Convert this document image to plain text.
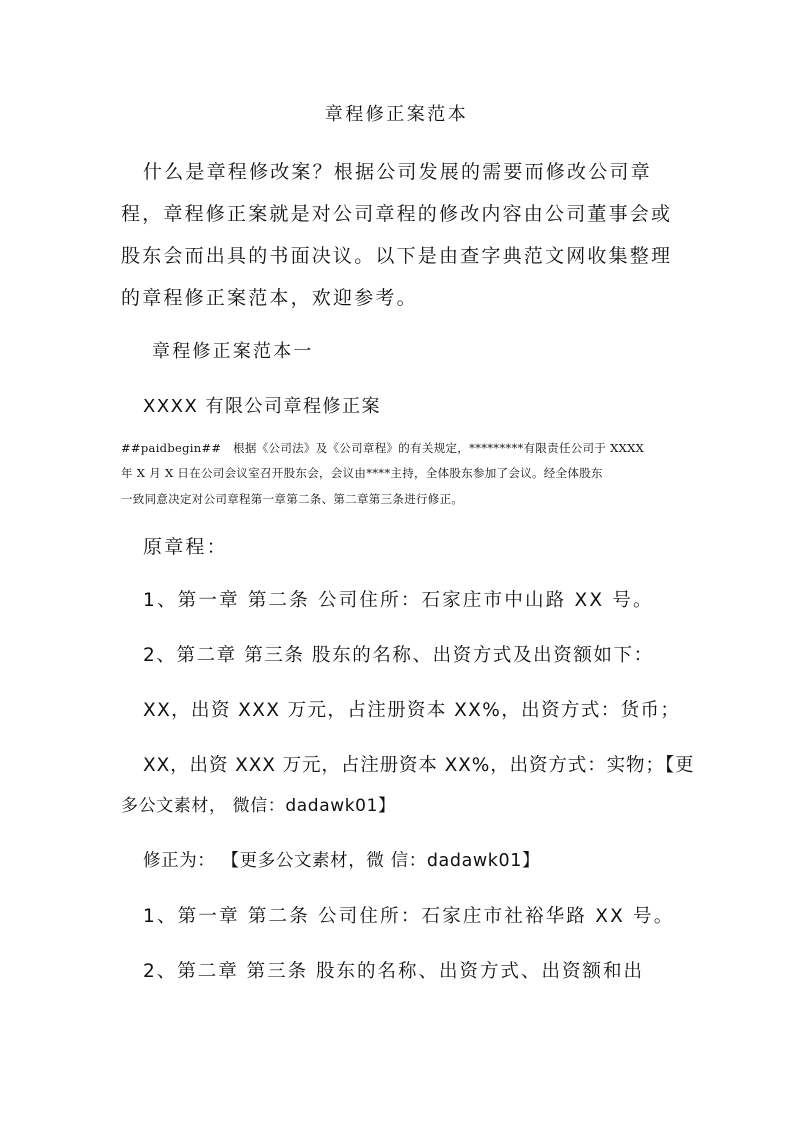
章程修正案范本
什么是章程修改案？根据公司发展的需要而修改公司章
程，章程修正案就是对公司章程的修改内容由公司董事会或
股东会而出具的书面决议。以下是由查字典范文网收集整理
的章程修正案范本，欢迎参考。
章程修正案范本一
XXXX 有限公司章程修正案
##paidbegin##　根据《公司法》及《公司章程》的有关规定，*********有限责任公司于 XXXX
年 X 月 X 日在公司会议室召开股东会，会议由****主持，全体股东参加了会议。经全体股东
一致同意决定对公司章程第一章第二条、第二章第三条进行修正。
原章程：
1、第一章 第二条 公司住所：石家庄市中山路 XX 号。
2、第二章 第三条 股东的名称、出资方式及出资额如下：
XX，出资 XXX 万元，占注册资本 XX%，出资方式：货币；
XX，出资 XXX 万元，占注册资本 XX%，出资方式：实物；【更
多公文素材， 微信：dadawk01】
修正为： 【更多公文素材，微 信：dadawk01】
1、第一章 第二条 公司住所：石家庄市社裕华路 XX 号。
2、第二章 第三条 股东的名称、出资方式、出资额和出
